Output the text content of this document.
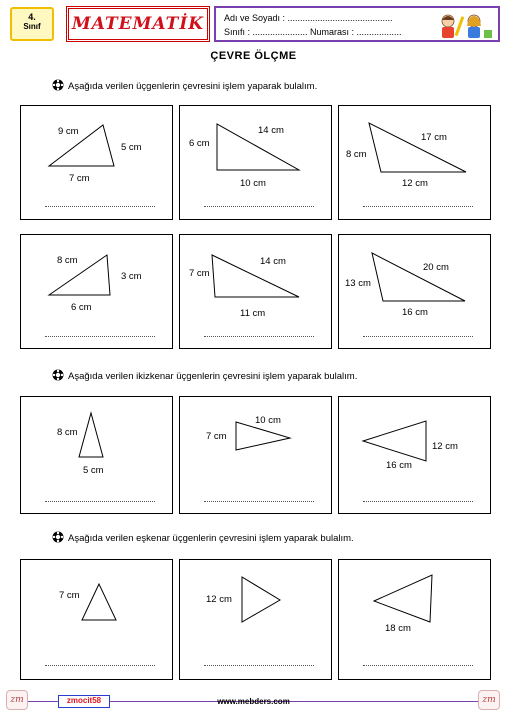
4.
Sınıf	MATEMATİK Adı ve Soyadı : ..........................................
Sınıfı : ...................... Numarası : ..................
ÇEVRE ÖLÇME
Aşağıda verilen üçgenlerin çevresini işlem yaparak bulalım.
9 cm
5 cm
7 cm
6 cm
14 cm
10 cm
17 cm
8 cm
12 cm
8 cm
3 cm
6 cm
7 cm
14 cm
11 cm
20 cm
13 cm
16 cm
Aşağıda verilen ikizkenar üçgenlerin çevresini işlem yaparak bulalım.
8 cm
5 cm
10 cm
7 cm
12 cm
16 cm
Aşağıda verilen eşkenar üçgenlerin çevresini işlem yaparak bulalım.
7 cm	12 cm
18 cm
zm	zmocit58	www.mebders.com	zm
